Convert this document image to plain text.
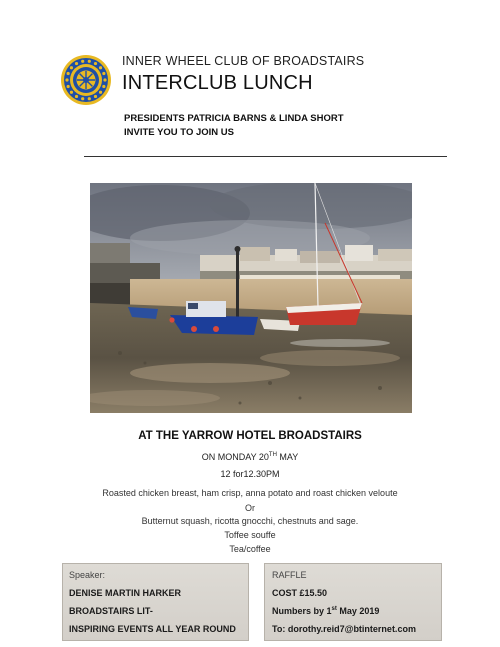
INNER WHEEL CLUB OF BROADSTAIRS
INTERCLUB LUNCH
PRESIDENTS PATRICIA BARNS & LINDA SHORT
INVITE YOU TO JOIN US
AT THE YARROW HOTEL BROADSTAIRS
ON MONDAY 20TH MAY
12 for12.30PM
Roasted chicken breast, ham crisp, anna potato and roast chicken veloute
Or
Butternut squash, ricotta gnocchi, chestnuts and sage.
Toffee souffe
Tea/coffee
Speaker:
DENISE MARTIN HARKER
BROADSTAIRS LIT-
INSPIRING EVENTS ALL YEAR ROUND
RAFFLE
COST £15.50
Numbers by 1st May 2019
To: dorothy.reid7@btinternet.com
